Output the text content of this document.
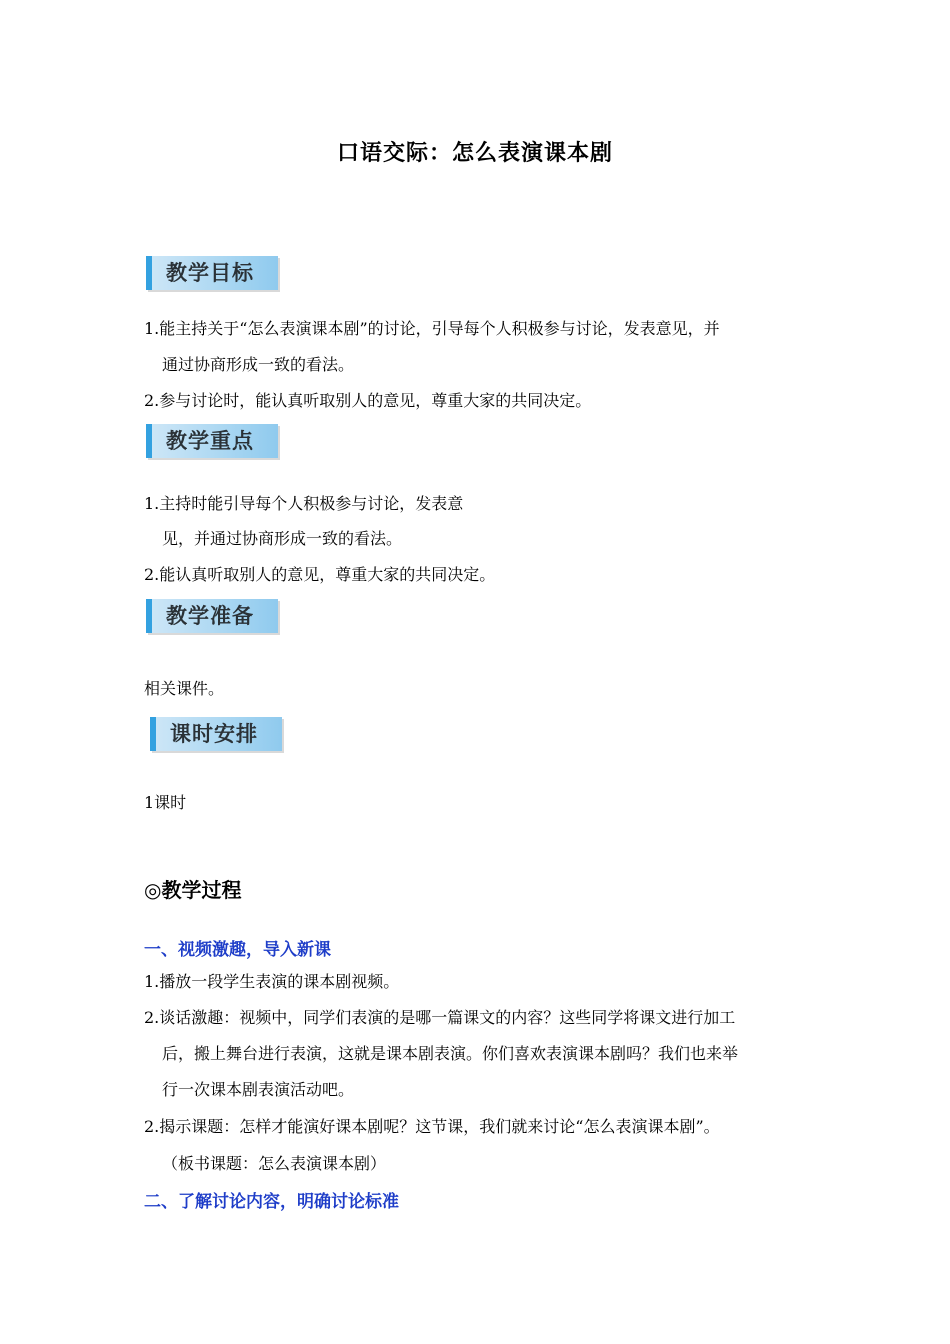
口语交际：怎么表演课本剧
教学目标
1.能主持关于“怎么表演课本剧”的讨论，引导每个人积极参与讨论，发表意见，并
通过协商形成一致的看法。
2.参与讨论时，能认真听取别人的意见，尊重大家的共同决定。
教学重点
1.主持时能引导每个人积极参与讨论，发表意
见，并通过协商形成一致的看法。
2.能认真听取别人的意见，尊重大家的共同决定。
教学准备
相关课件。
课时安排
1课时
◎教学过程
一、视频激趣，导入新课
1.播放一段学生表演的课本剧视频。
2.谈话激趣：视频中，同学们表演的是哪一篇课文的内容？这些同学将课文进行加工
后，搬上舞台进行表演，这就是课本剧表演。你们喜欢表演课本剧吗？我们也来举
行一次课本剧表演活动吧。
2.揭示课题：怎样才能演好课本剧呢？这节课，我们就来讨论“怎么表演课本剧”。
（板书课题：怎么表演课本剧）
二、了解讨论内容，明确讨论标准
